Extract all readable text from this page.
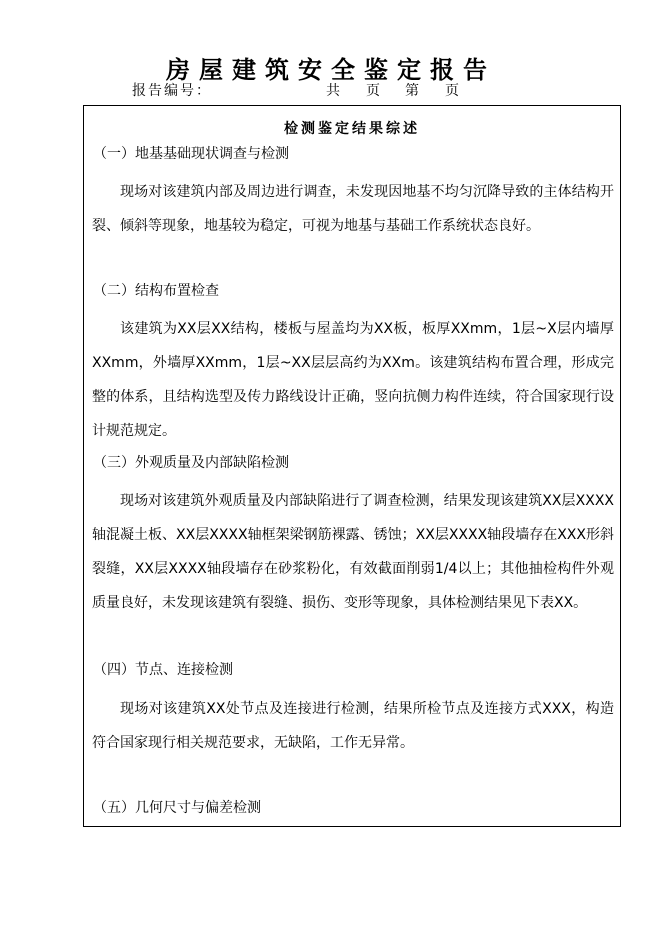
房屋建筑安全鉴定报告
报告编号：	共 页 第 页
检测鉴定结果综述
（一）地基基础现状调查与检测

现场对该建筑内部及周边进行调查，未发现因地基不均匀沉降导致的主体结构开裂、倾斜等现象，地基较为稳定，可视为地基与基础工作系统状态良好。

（二）结构布置检查

该建筑为XX层XX结构，楼板与屋盖均为XX板，板厚XXmm，1层~X层内墙厚XXmm，外墙厚XXmm，1层~XX层层高约为XXm。该建筑结构布置合理，形成完整的体系，且结构选型及传力路线设计正确，竖向抗侧力构件连续，符合国家现行设计规范规定。

（三）外观质量及内部缺陷检测

现场对该建筑外观质量及内部缺陷进行了调查检测，结果发现该建筑XX层XXXX轴混凝土板、XX层XXXX轴框架梁钢筋裸露、锈蚀；XX层XXXX轴段墙存在XXX形斜裂缝，XX层XXXX轴段墙存在砂浆粉化，有效截面削弱1/4以上；其他抽检构件外观质量良好，未发现该建筑有裂缝、损伤、变形等现象，具体检测结果见下表XX。

（四）节点、连接检测

现场对该建筑XX处节点及连接进行检测，结果所检节点及连接方式XXX，构造符合国家现行相关规范要求，无缺陷，工作无异常。

（五）几何尺寸与偏差检测
